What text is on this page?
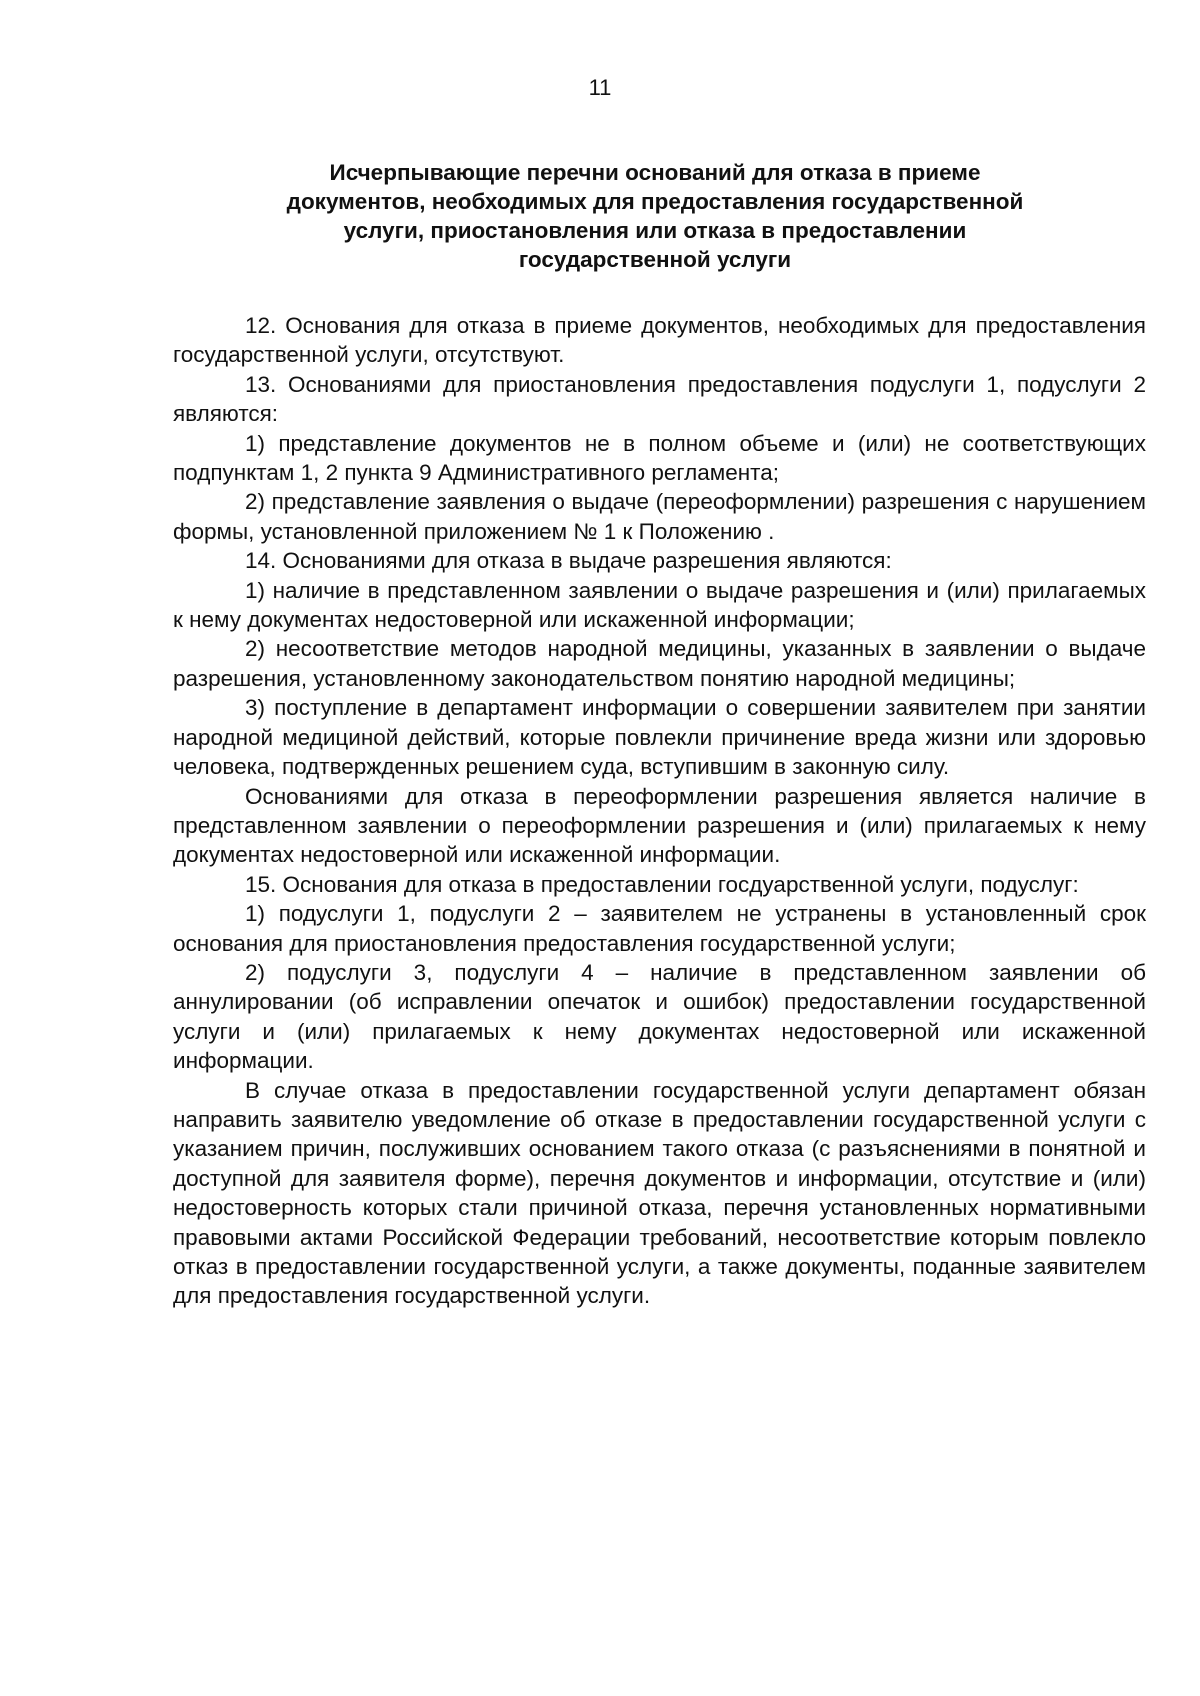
11
Исчерпывающие перечни оснований для отказа в приеме
документов, необходимых для предоставления государственной
услуги, приостановления или отказа в предоставлении
государственной услуги

12. Основания для отказа в приеме документов, необходимых для предоставления государственной услуги, отсутствуют.

13. Основаниями для приостановления предоставления подуслуги 1, подуслуги 2 являются:

1) представление документов не в полном объеме и (или) не соответствующих подпунктам 1, 2 пункта 9 Административного регламента;

2) представление заявления о выдаче (переоформлении) разрешения с нарушением формы, установленной приложением № 1 к Положению .

14. Основаниями для отказа в выдаче разрешения являются:

1) наличие в представленном заявлении о выдаче разрешения и (или) прилагаемых к нему документах недостоверной или искаженной информации;

2) несоответствие методов народной медицины, указанных в заявлении о выдаче разрешения, установленному законодательством понятию народной медицины;

3) поступление в департамент информации о совершении заявителем при занятии народной медициной действий, которые повлекли причинение вреда жизни или здоровью человека, подтвержденных решением суда, вступившим в законную силу.

Основаниями для отказа в переоформлении разрешения является наличие в представленном заявлении о переоформлении разрешения и (или) прилагаемых к нему документах недостоверной или искаженной информации.

15. Основания для отказа в предоставлении госдуарственной услуги, подуслуг:

1) подуслуги 1, подуслуги 2 – заявителем не устранены в установленный срок основания для приостановления предоставления государственной услуги;

2) подуслуги 3, подуслуги 4 – наличие в представленном заявлении об аннулировании (об исправлении опечаток и ошибок) предоставлении государственной услуги и (или) прилагаемых к нему документах недостоверной или искаженной информации.

В случае отказа в предоставлении государственной услуги департамент обязан направить заявителю уведомление об отказе в предоставлении государственной услуги с указанием причин, послуживших основанием такого отказа (с разъяснениями в понятной и доступной для заявителя форме), перечня документов и информации, отсутствие и (или) недостоверность которых стали причиной отказа, перечня установленных нормативными правовыми актами Российской Федерации требований, несоответствие которым повлекло отказ в предоставлении государственной услуги, а также документы, поданные заявителем для предоставления государственной услуги.
